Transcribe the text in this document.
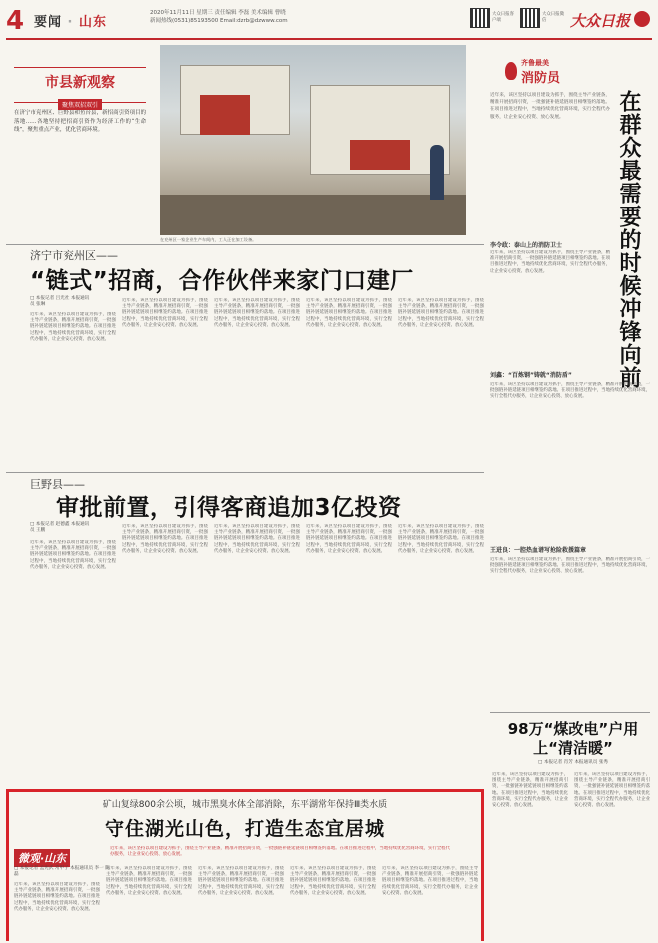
4 要闻 · 山东
2020年11月11日 星期三 责任编辑 李磊 美术编辑 曹晓
新闻热线(0531)85193500 Email:dzrb@dzwww.com
大众日报客户端
大众日报微信	大众日报
在济宁市兖州区、巨野县和鱼台县，新招商引资项目的落地……各地坚持把招商引资作为经济工作的“生命线”，聚焦重点产业，优化营商环境。
市县新观察
聚焦双招双引
在兖州区一家企业生产车间内，工人正在加工设备。
齐鲁最美
消防员
近年来，该区坚持以项目建设为抓手，围绕主导产业链条，精准开展招商引资，一批强链补链延链项目相继签约落地。在项目推进过程中，当地持续优化营商环境，实行全程代办服务，让企业安心投资、放心发展。	在群众最需要的时候冲锋向前
李令政：泰山上的消防卫士
近年来，该区坚持以项目建设为抓手，围绕主导产业链条，精准开展招商引资，一批强链补链延链项目相继签约落地。在项目推进过程中，当地持续优化营商环境，实行全程代办服务，让企业安心投资、放心发展。
刘鑫：“百炼钢”铸就“消防盾”
近年来，该区坚持以项目建设为抓手，围绕主导产业链条，精准开展招商引资，一批强链补链延链项目相继签约落地。在项目推进过程中，当地持续优化营商环境，实行全程代办服务，让企业安心投资、放心发展。
王进良：一腔热血谱写抢险救援篇章
近年来，该区坚持以项目建设为抓手，围绕主导产业链条，精准开展招商引资，一批强链补链延链项目相继签约落地。在项目推进过程中，当地持续优化营商环境，实行全程代办服务，让企业安心投资、放心发展。
济宁市兖州区——
“链式”招商，合作伙伴来家门口建厂
□ 本报记者 吕光社 本报通讯员 张琳
近年来，该区坚持以项目建设为抓手，围绕主导产业链条，精准开展招商引资，一批强链补链延链项目相继签约落地。在项目推进过程中，当地持续优化营商环境，实行全程代办服务，让企业安心投资、放心发展。
近年来，该区坚持以项目建设为抓手，围绕主导产业链条，精准开展招商引资，一批强链补链延链项目相继签约落地。在项目推进过程中，当地持续优化营商环境，实行全程代办服务，让企业安心投资、放心发展。
近年来，该区坚持以项目建设为抓手，围绕主导产业链条，精准开展招商引资，一批强链补链延链项目相继签约落地。在项目推进过程中，当地持续优化营商环境，实行全程代办服务，让企业安心投资、放心发展。
近年来，该区坚持以项目建设为抓手，围绕主导产业链条，精准开展招商引资，一批强链补链延链项目相继签约落地。在项目推进过程中，当地持续优化营商环境，实行全程代办服务，让企业安心投资、放心发展。
近年来，该区坚持以项目建设为抓手，围绕主导产业链条，精准开展招商引资，一批强链补链延链项目相继签约落地。在项目推进过程中，当地持续优化营商环境，实行全程代办服务，让企业安心投资、放心发展。
巨野县——
审批前置，引得客商追加3亿投资
□ 本报记者 赵德鑫 本报通讯员 王鹏
近年来，该区坚持以项目建设为抓手，围绕主导产业链条，精准开展招商引资，一批强链补链延链项目相继签约落地。在项目推进过程中，当地持续优化营商环境，实行全程代办服务，让企业安心投资、放心发展。
近年来，该区坚持以项目建设为抓手，围绕主导产业链条，精准开展招商引资，一批强链补链延链项目相继签约落地。在项目推进过程中，当地持续优化营商环境，实行全程代办服务，让企业安心投资、放心发展。
近年来，该区坚持以项目建设为抓手，围绕主导产业链条，精准开展招商引资，一批强链补链延链项目相继签约落地。在项目推进过程中，当地持续优化营商环境，实行全程代办服务，让企业安心投资、放心发展。
近年来，该区坚持以项目建设为抓手，围绕主导产业链条，精准开展招商引资，一批强链补链延链项目相继签约落地。在项目推进过程中，当地持续优化营商环境，实行全程代办服务，让企业安心投资、放心发展。
近年来，该区坚持以项目建设为抓手，围绕主导产业链条，精准开展招商引资，一批强链补链延链项目相继签约落地。在项目推进过程中，当地持续优化营商环境，实行全程代办服务，让企业安心投资、放心发展。
98万“煤改电”户用上“清洁暖”
□ 本报记者 肖芳 本报通讯员 张秀
近年来，该区坚持以项目建设为抓手，围绕主导产业链条，精准开展招商引资，一批强链补链延链项目相继签约落地。在项目推进过程中，当地持续优化营商环境，实行全程代办服务，让企业安心投资、放心发展。
近年来，该区坚持以项目建设为抓手，围绕主导产业链条，精准开展招商引资，一批强链补链延链项目相继签约落地。在项目推进过程中，当地持续优化营商环境，实行全程代办服务，让企业安心投资、放心发展。
矿山复绿800余公顷，城市黑臭水体全部消除，东平湖常年保持Ⅲ类水质
守住湖光山色，打造生态宜居城
微观·山东
近年来，该区坚持以项目建设为抓手，围绕主导产业链条，精准开展招商引资，一批强链补链延链项目相继签约落地。在项目推进过程中，当地持续优化营商环境，实行全程代办服务，让企业安心投资、放心发展。
□ 本报记者 孟宪武 常甲子 本报通讯员 李一 陈 磊
近年来，该区坚持以项目建设为抓手，围绕主导产业链条，精准开展招商引资，一批强链补链延链项目相继签约落地。在项目推进过程中，当地持续优化营商环境，实行全程代办服务，让企业安心投资、放心发展。
近年来，该区坚持以项目建设为抓手，围绕主导产业链条，精准开展招商引资，一批强链补链延链项目相继签约落地。在项目推进过程中，当地持续优化营商环境，实行全程代办服务，让企业安心投资、放心发展。
近年来，该区坚持以项目建设为抓手，围绕主导产业链条，精准开展招商引资，一批强链补链延链项目相继签约落地。在项目推进过程中，当地持续优化营商环境，实行全程代办服务，让企业安心投资、放心发展。
近年来，该区坚持以项目建设为抓手，围绕主导产业链条，精准开展招商引资，一批强链补链延链项目相继签约落地。在项目推进过程中，当地持续优化营商环境，实行全程代办服务，让企业安心投资、放心发展。
近年来，该区坚持以项目建设为抓手，围绕主导产业链条，精准开展招商引资，一批强链补链延链项目相继签约落地。在项目推进过程中，当地持续优化营商环境，实行全程代办服务，让企业安心投资、放心发展。
